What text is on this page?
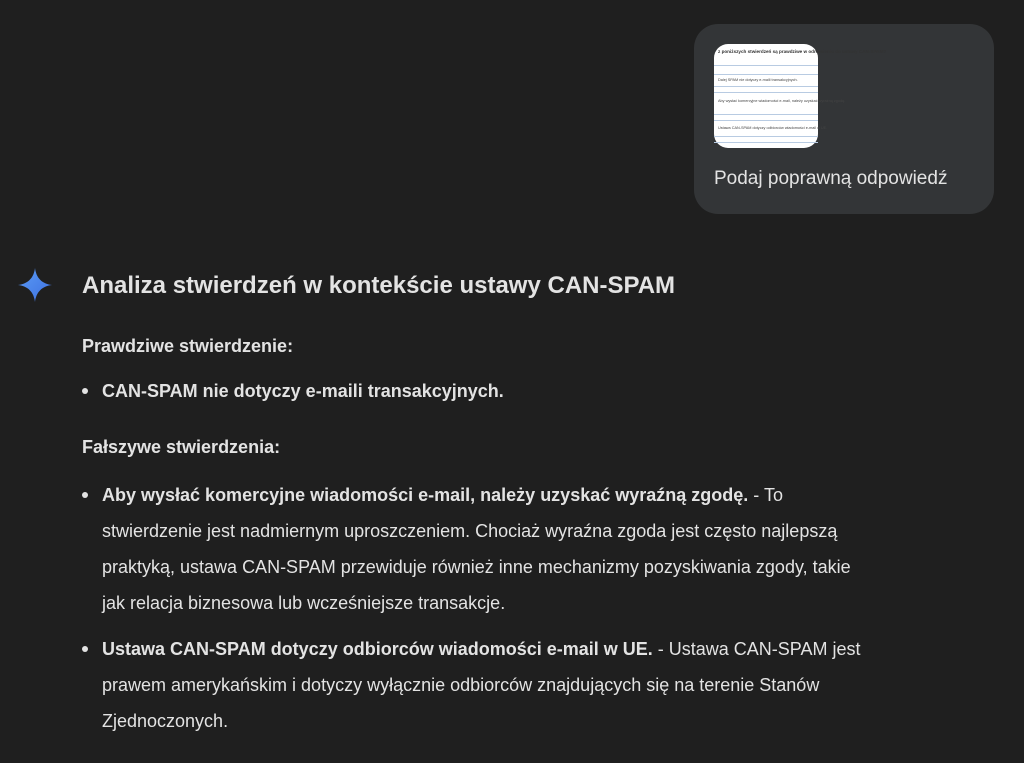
z poniższych stwierdzeń są prawdziwe w odniesieniu do ustawy CAN-SPAM?
Dalej SPAM nie dotyczy e-maili transakcyjnych.
Aby wysłać komercyjne wiadomości e-mail, należy uzyskać wyraźną zgodę.
Ustawa CAN-SPAM dotyczy odbiorców wiadomości e-mail w UE.
Podaj poprawną odpowiedź
Analiza stwierdzeń w kontekście ustawy CAN-SPAM
Prawdziwe stwierdzenie:
CAN-SPAM nie dotyczy e-maili transakcyjnych.
Fałszywe stwierdzenia:
Aby wysłać komercyjne wiadomości e-mail, należy uzyskać wyraźną zgodę. - To
stwierdzenie jest nadmiernym uproszczeniem. Chociaż wyraźna zgoda jest często najlepszą
praktyką, ustawa CAN-SPAM przewiduje również inne mechanizmy pozyskiwania zgody, takie
jak relacja biznesowa lub wcześniejsze transakcje.
Ustawa CAN-SPAM dotyczy odbiorców wiadomości e-mail w UE. - Ustawa CAN-SPAM jest
prawem amerykańskim i dotyczy wyłącznie odbiorców znajdujących się na terenie Stanów
Zjednoczonych.
